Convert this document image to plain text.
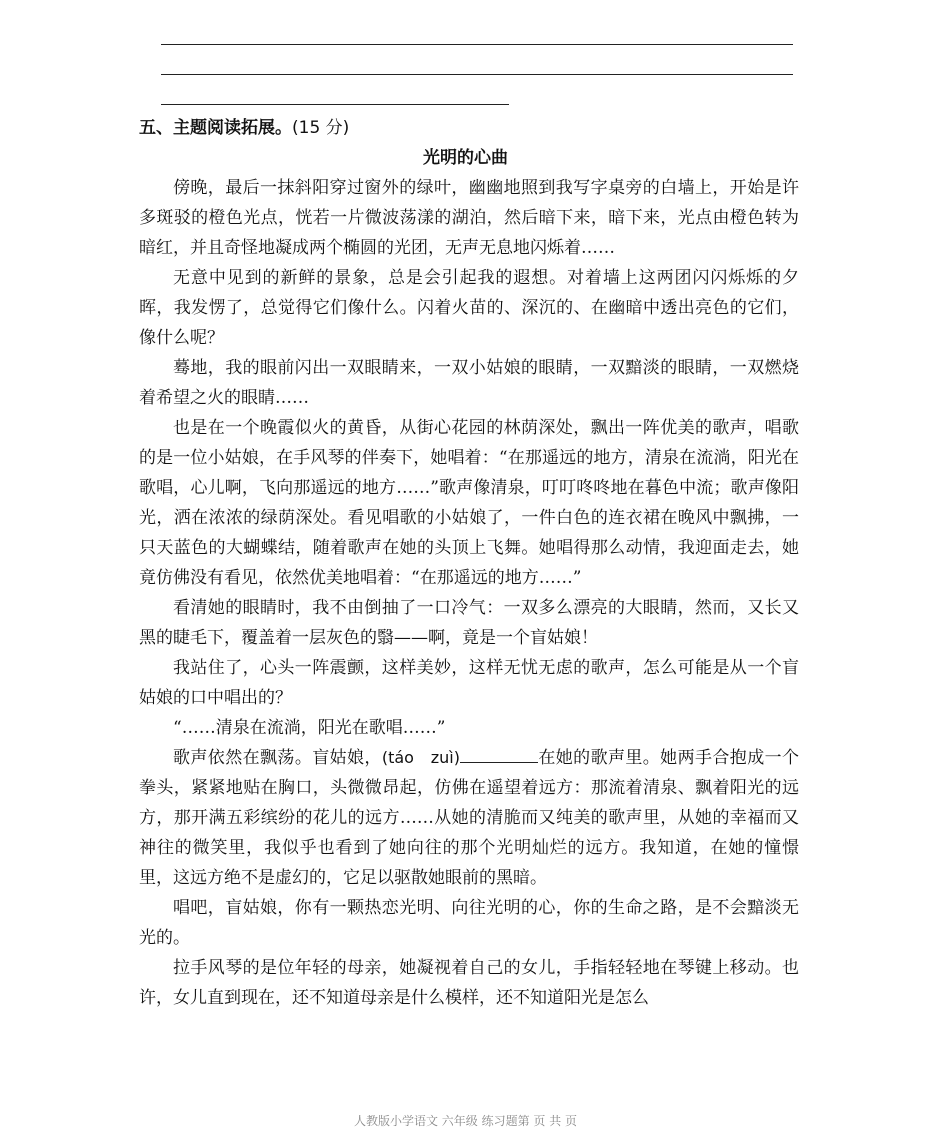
五、主题阅读拓展。(15 分)
光明的心曲

傍晚，最后一抹斜阳穿过窗外的绿叶，幽幽地照到我写字桌旁的白墙上，开始是许多斑驳的橙色光点，恍若一片微波荡漾的湖泊，然后暗下来，暗下来，光点由橙色转为暗红，并且奇怪地凝成两个椭圆的光团，无声无息地闪烁着……

无意中见到的新鲜的景象，总是会引起我的遐想。对着墙上这两团闪闪烁烁的夕晖，我发愣了，总觉得它们像什么。闪着火苗的、深沉的、在幽暗中透出亮色的它们，像什么呢？

蓦地，我的眼前闪出一双眼睛来，一双小姑娘的眼睛，一双黯淡的眼睛，一双燃烧着希望之火的眼睛……

也是在一个晚霞似火的黄昏，从街心花园的林荫深处，飘出一阵优美的歌声，唱歌的是一位小姑娘，在手风琴的伴奏下，她唱着：“在那遥远的地方，清泉在流淌，阳光在歌唱，心儿啊，飞向那遥远的地方……”歌声像清泉，叮叮咚咚地在暮色中流；歌声像阳光，洒在浓浓的绿荫深处。看见唱歌的小姑娘了，一件白色的连衣裙在晚风中飘拂，一只天蓝色的大蝴蝶结，随着歌声在她的头顶上飞舞。她唱得那么动情，我迎面走去，她竟仿佛没有看见，依然优美地唱着：“在那遥远的地方……”

看清她的眼睛时，我不由倒抽了一口冷气：一双多么漂亮的大眼睛，然而，又长又黑的睫毛下，覆盖着一层灰色的翳——啊，竟是一个盲姑娘！

我站住了，心头一阵震颤，这样美妙，这样无忧无虑的歌声，怎么可能是从一个盲姑娘的口中唱出的？

“……清泉在流淌，阳光在歌唱……”

歌声依然在飘荡。盲姑娘，(táo　zuì)	在她的歌声里。她两手合抱成一个拳头，紧紧地贴在胸口，头微微昂起，仿佛在遥望着远方：那流着清泉、飘着阳光的远方，那开满五彩缤纷的花儿的远方……从她的清脆而又纯美的歌声里，从她的幸福而又神往的微笑里，我似乎也看到了她向往的那个光明灿烂的远方。我知道，在她的憧憬里，这远方绝不是虚幻的，它足以驱散她眼前的黑暗。

唱吧，盲姑娘，你有一颗热恋光明、向往光明的心，你的生命之路，是不会黯淡无光的。

拉手风琴的是位年轻的母亲，她凝视着自己的女儿，手指轻轻地在琴键上移动。也许，女儿直到现在，还不知道母亲是什么模样，还不知道阳光是怎么

人教版小学语文 六年级 练习题第 页 共 页
